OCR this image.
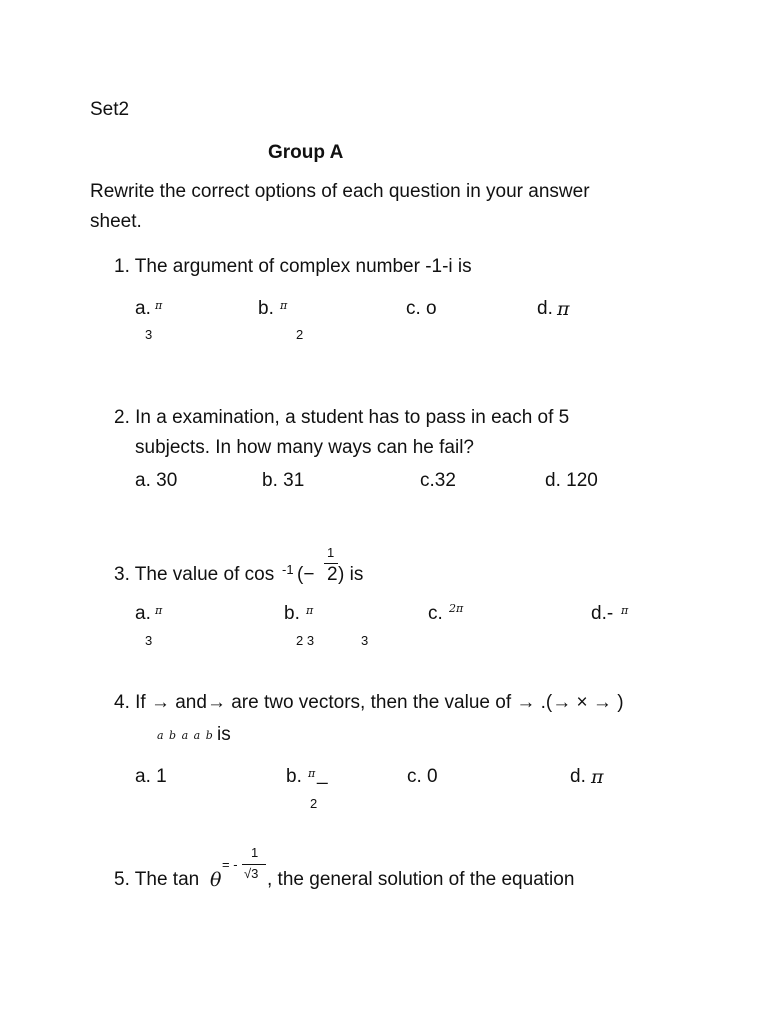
Set2
Group A
Rewrite the correct options of each question in your answer
sheet.
1. The argument of complex number -1-i is
a. π
3
b. π
2
c. o	d. π
2. In a examination, a student has to pass in each of 5
subjects. In how many ways can he fail?
a. 30	b. 31	c.32	d. 120
3. The value of cos -1 (−
1
2 ) is
a. π
3
b. π
2 3
c. 2π
3
d.- π
4. If → and→ are two vectors, then the value of → .(→ × → )
a b a a b is
a. 1	b. π _
2
c. 0	d. π
5. The tan θ
= -
1
√3 , the general solution of the equation
